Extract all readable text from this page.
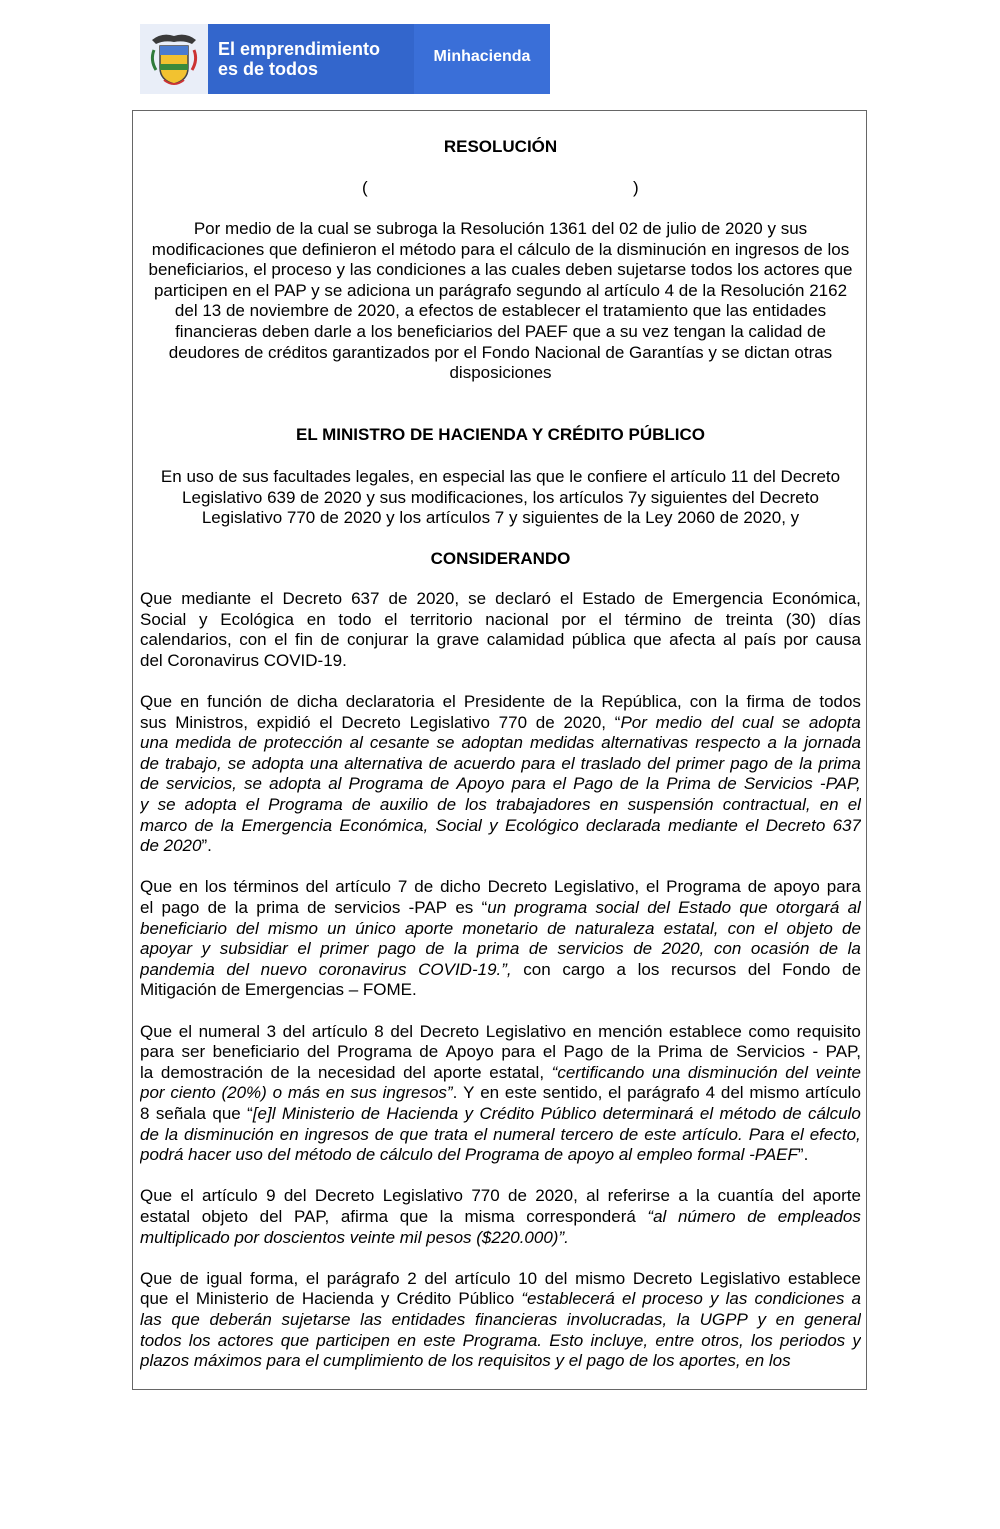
El emprendimiento
es de todos
Minhacienda
RESOLUCIÓN
(	)
Por medio de la cual se subroga la Resolución 1361 del 02 de julio de 2020 y sus modificaciones que definieron el método para el cálculo de la disminución en ingresos de los beneficiarios, el proceso y las condiciones a las cuales deben sujetarse todos los actores que participen en el PAP y se adiciona un parágrafo segundo al artículo 4 de la Resolución 2162 del 13 de noviembre de 2020, a efectos de establecer el tratamiento que las entidades financieras deben darle a los beneficiarios del PAEF que a su vez tengan la calidad de deudores de créditos garantizados por el Fondo Nacional de Garantías y se dictan otras disposiciones
EL MINISTRO DE HACIENDA Y CRÉDITO PÚBLICO
En uso de sus facultades legales, en especial las que le confiere el artículo 11 del Decreto Legislativo 639 de 2020 y sus modificaciones, los artículos 7y siguientes del Decreto Legislativo 770 de 2020 y los artículos 7 y siguientes de la Ley 2060 de 2020, y
CONSIDERANDO
Que mediante el Decreto 637 de 2020, se declaró el Estado de Emergencia Económica,
Social y Ecológica en todo el territorio nacional por el término de treinta (30) días
calendarios, con el fin de conjurar la grave calamidad pública que afecta al país por causa
del Coronavirus COVID-19.
Que en función de dicha declaratoria el Presidente de la República, con la firma de todos
sus Ministros, expidió el Decreto Legislativo 770 de 2020, “Por medio del cual se adopta
una medida de protección al cesante se adoptan medidas alternativas respecto a la jornada
de trabajo, se adopta una alternativa de acuerdo para el traslado del primer pago de la prima
de servicios, se adopta al Programa de Apoyo para el Pago de la Prima de Servicios -PAP,
y se adopta el Programa de auxilio de los trabajadores en suspensión contractual, en el
marco de la Emergencia Económica, Social y Ecológico declarada mediante el Decreto 637
de 2020”.
Que en los términos del artículo 7 de dicho Decreto Legislativo, el Programa de apoyo para
el pago de la prima de servicios -PAP es “un programa social del Estado que otorgará al
beneficiario del mismo un único aporte monetario de naturaleza estatal, con el objeto de
apoyar y subsidiar el primer pago de la prima de servicios de 2020, con ocasión de la
pandemia del nuevo coronavirus COVID-19.”, con cargo a los recursos del Fondo de
Mitigación de Emergencias – FOME.
Que el numeral 3 del artículo 8 del Decreto Legislativo en mención establece como requisito
para ser beneficiario del Programa de Apoyo para el Pago de la Prima de Servicios - PAP,
la demostración de la necesidad del aporte estatal, “certificando una disminución del veinte
por ciento (20%) o más en sus ingresos”. Y en este sentido, el parágrafo 4 del mismo artículo
8 señala que “[e]l Ministerio de Hacienda y Crédito Público determinará el método de cálculo
de la disminución en ingresos de que trata el numeral tercero de este artículo. Para el efecto,
podrá hacer uso del método de cálculo del Programa de apoyo al empleo formal -PAEF”.
Que el artículo 9 del Decreto Legislativo 770 de 2020, al referirse a la cuantía del aporte
estatal objeto del PAP, afirma que la misma corresponderá “al número de empleados
multiplicado por doscientos veinte mil pesos ($220.000)”.
Que de igual forma, el parágrafo 2 del artículo 10 del mismo Decreto Legislativo establece
que el Ministerio de Hacienda y Crédito Público “establecerá el proceso y las condiciones a
las que deberán sujetarse las entidades financieras involucradas, la UGPP y en general
todos los actores que participen en este Programa. Esto incluye, entre otros, los periodos y
plazos máximos para el cumplimiento de los requisitos y el pago de los aportes, en los
